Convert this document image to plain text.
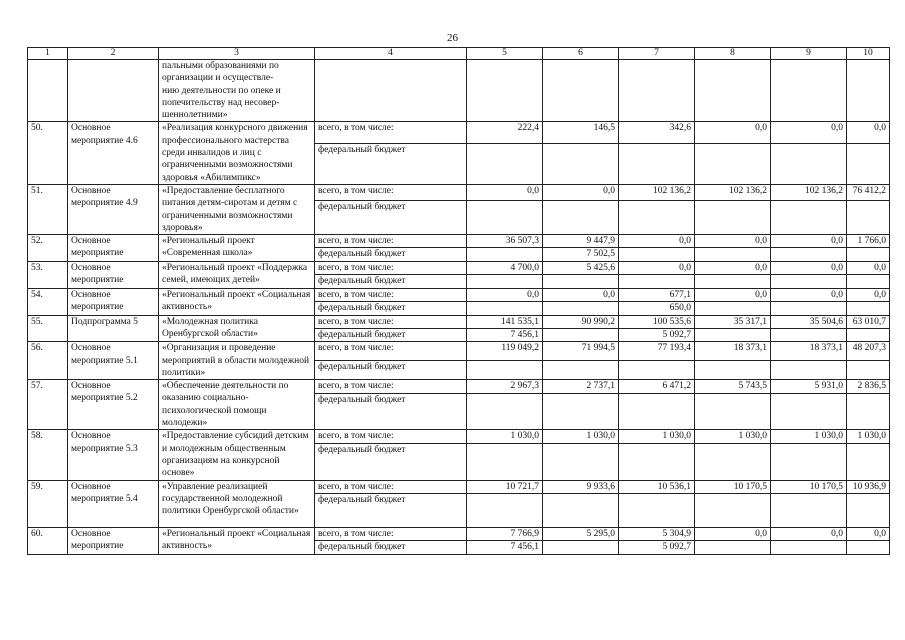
26
1	2	3	4	5	6	7	8	9	10
		пальными образованиями по
организации и осуществле-
нию деятельности по опеке и
попечительству над несовер-
шеннолетними»							
50.	Основное мероприятие 4.6	«Реализация конкурсного движения профессионального мастерства среди инвалидов и лиц с ограниченными возможностями здоровья «Абилимпикс»	всего, в том числе:	222,4	146,5	342,6	0,0	0,0	0,0
			федеральный бюджет						
51.	Основное мероприятие 4.9	«Предоставление бесплатного питания детям-сиротам и детям с ограниченными возможностями здоровья»	всего, в том числе:	0,0	0,0	102 136,2	102 136,2	102 136,2	76 412,2
			федеральный бюджет						
52.	Основное мероприятие	«Региональный проект «Современная школа»	всего, в том числе:	36 507,3	9 447,9	0,0	0,0	0,0	1 766,0
			федеральный бюджет		7 502,5				
53.	Основное мероприятие	«Региональный проект «Поддержка семей, имеющих детей»	всего, в том числе:	4 700,0	5 425,6	0,0	0,0	0,0	0,0
			федеральный бюджет						
54.	Основное мероприятие	«Региональный проект «Социальная активность»	всего, в том числе:	0,0	0,0	677,1	0,0	0,0	0,0
			федеральный бюджет			650,0			
55.	Подпрограмма 5	«Молодежная политика Оренбургской области»	всего, в том числе:	141 535,1	90 990,2	100 535,6	35 317,1	35 504,6	63 010,7
			федеральный бюджет	7 456,1		5 092,7			
56.	Основное мероприятие 5.1	«Организация и проведение мероприятий в области молодежной политики»	всего, в том числе:	119 049,2	71 994,5	77 193,4	18 373,1	18 373,1	48 207,3
			федеральный бюджет						
57.	Основное мероприятие 5.2	«Обеспечение деятельности по оказанию социально-психологической помощи молодежи»	всего, в том числе:	2 967,3	2 737,1	6 471,2	5 743,5	5 931,0	2 836,5
			федеральный бюджет						
58.	Основное мероприятие 5.3	«Предоставление субсидий детским и молодежным общественным организациям на конкурсной основе»	всего, в том числе:	1 030,0	1 030,0	1 030,0	1 030,0	1 030,0	1 030,0
			федеральный бюджет						
59.	Основное мероприятие 5.4	«Управление реализацией государственной молодежной политики Оренбургской области»	всего, в том числе:	10 721,7	9 933,6	10 536,1	10 170,5	10 170,5	10 936,9
			федеральный бюджет						
60.	Основное мероприятие	«Региональный проект «Социальная активность»	всего, в том числе:	7 766,9	5 295,0	5 304,9	0,0	0,0	0,0
			федеральный бюджет	7 456,1		5 092,7			
